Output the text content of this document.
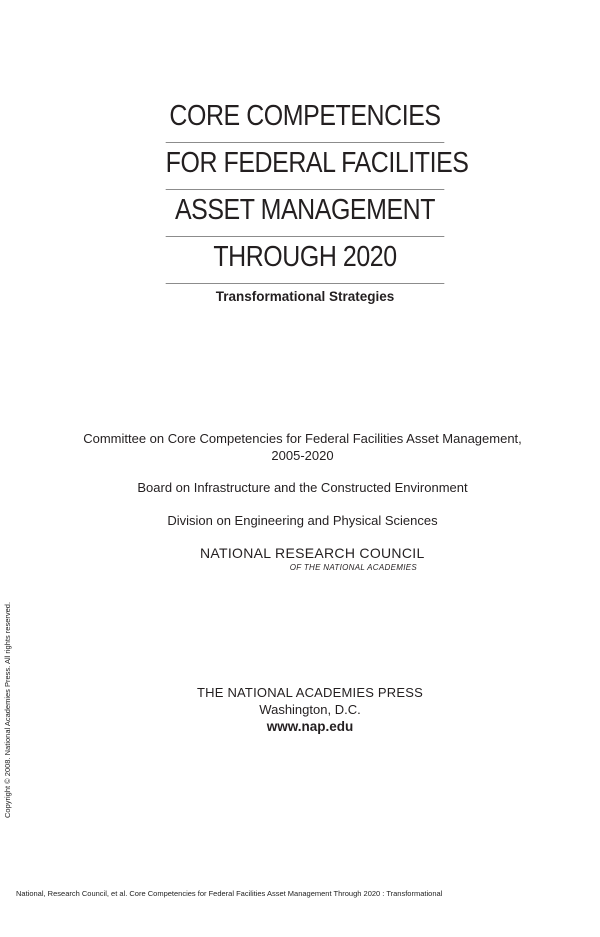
CORE COMPETENCIES
FOR FEDERAL FACILITIES
ASSET MANAGEMENT
THROUGH 2020
Transformational Strategies
Committee on Core Competencies for Federal Facilities Asset Management,
2005-2020
Board on Infrastructure and the Constructed Environment
Division on Engineering and Physical Sciences
NATIONAL RESEARCH COUNCIL
OF THE NATIONAL ACADEMIES
THE NATIONAL ACADEMIES PRESS
Washington, D.C.
www.nap.edu
Copyright © 2008. National Academies Press. All rights reserved.
National, Research Council, et al. Core Competencies for Federal Facilities Asset Management Through 2020 : Transformational
